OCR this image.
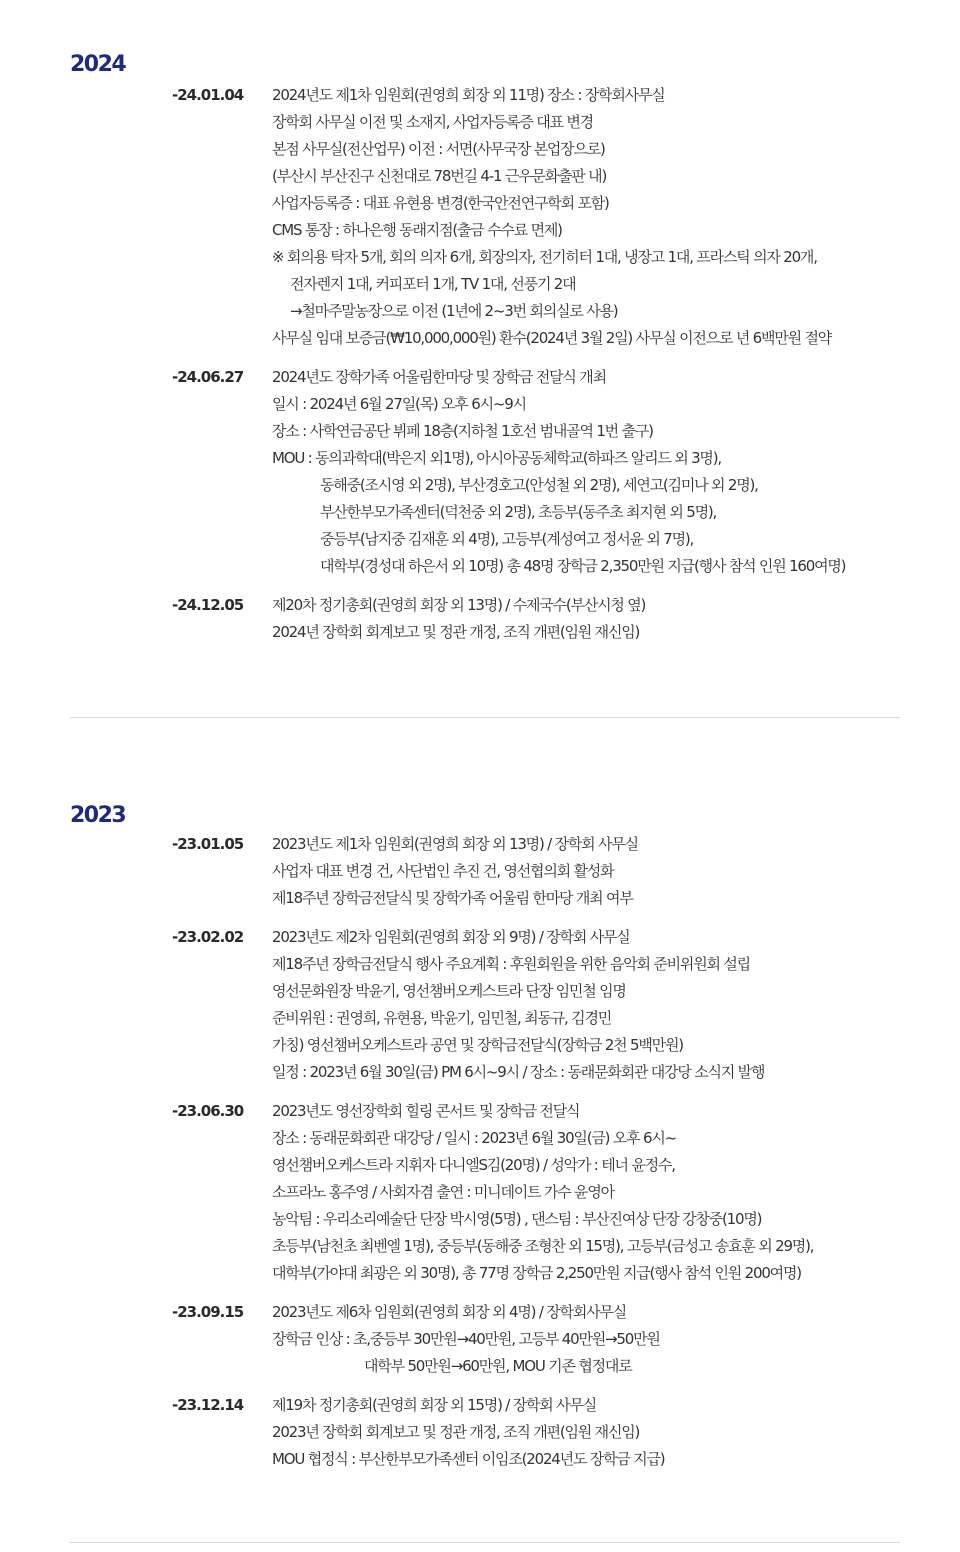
2024
-24.01.04 2024년도 제1차 임원회(권영희 회장 외 11명) 장소 : 장학회사무실
장학회 사무실 이전 및 소재지, 사업자등록증 대표 변경
본점 사무실(전산업무) 이전 : 서면(사무국장 본업장으로)
(부산시 부산진구 신천대로 78번길 4-1 근우문화출판 내)
사업자등록증 : 대표 유현용 변경(한국안전연구학회 포함)
CMS 통장 : 하나은행 동래지점(출금 수수료 면제)
※ 회의용 탁자 5개, 회의 의자 6개, 회장의자, 전기히터 1대, 냉장고 1대, 프라스틱 의자 20개,
전자렌지 1대, 커피포터 1개, TV 1대, 선풍기 2대
→철마주말농장으로 이전 (1년에 2~3번 회의실로 사용)
사무실 임대 보증금(₩10,000,000원) 환수(2024년 3월 2일) 사무실 이전으로 년 6백만원 절약
-24.06.27 2024년도 장학가족 어울림한마당 및 장학금 전달식 개최
일시 : 2024년 6월 27일(목) 오후 6시~9시
장소 : 사학연금공단 뷔페 18층(지하철 1호선 범내골역 1번 출구)
MOU : 동의과학대(박은지 외1명), 아시아공동체학교(하파즈 알리드 외 3명),
동해중(조시영 외 2명), 부산경호고(안성철 외 2명), 세연고(김미나 외 2명),
부산한부모가족센터(덕천중 외 2명), 초등부(동주초 최지현 외 5명),
중등부(남지중 김재훈 외 4명), 고등부(계성여고 정서윤 외 7명),
대학부(경성대 하은서 외 10명) 총 48명 장학금 2,350만원 지급(행사 참석 인원 160여명)
-24.12.05 제20차 정기총회(권영희 회장 외 13명) / 수제국수(부산시청 옆)
2024년 장학회 회계보고 및 정관 개정, 조직 개편(임원 재신임)
2023
-23.01.05 2023년도 제1차 임원회(권영희 회장 외 13명) / 장학회 사무실
사업자 대표 변경 건, 사단법인 추진 건, 영선협의회 활성화
제18주년 장학금전달식 및 장학가족 어울림 한마당 개최 여부
-23.02.02 2023년도 제2차 임원회(권영희 회장 외 9명) / 장학회 사무실
제18주년 장학금전달식 행사 주요계획 : 후원회원을 위한 음악회 준비위원회 설립
영선문화원장 박윤기, 영선챔버오케스트라 단장 임민철 임명
준비위원 : 권영희, 유현용, 박윤기, 임민철, 최동규, 김경민
가칭) 영선챔버오케스트라 공연 및 장학금전달식(장학금 2천 5백만원)
일정 : 2023년 6월 30일(금) PM 6시~9시 / 장소 : 동래문화회관 대강당 소식지 발행
-23.06.30 2023년도 영선장학회 힐링 콘서트 및 장학금 전달식
장소 : 동래문화회관 대강당 / 일시 : 2023년 6월 30일(금) 오후 6시~
영선챔버오케스트라 지휘자 다니엘S김(20명) / 성악가 : 테너 윤정수,
소프라노 홍주영 / 사회자겸 출연 : 미니데이트 가수 윤영아
농악팀 : 우리소리예술단 단장 박시영(5명) , 댄스팀 : 부산진여상 단장 강창중(10명)
초등부(남천초 최벤엘 1명), 중등부(동해중 조형찬 외 15명), 고등부(금성고 송효훈 외 29명),
대학부(가야대 최광은 외 30명), 총 77명 장학금 2,250만원 지급(행사 참석 인원 200여명)
-23.09.15 2023년도 제6차 임원회(권영희 회장 외 4명) / 장학회사무실
장학금 인상 : 초,중등부 30만원→40만원, 고등부 40만원→50만원
대학부 50만원→60만원, MOU 기존 협정대로
-23.12.14 제19차 정기총회(권영희 회장 외 15명) / 장학회 사무실
2023년 장학회 회계보고 및 정관 개정, 조직 개편(임원 재신임)
MOU 협정식 : 부산한부모가족센터 이임조(2024년도 장학금 지급)
